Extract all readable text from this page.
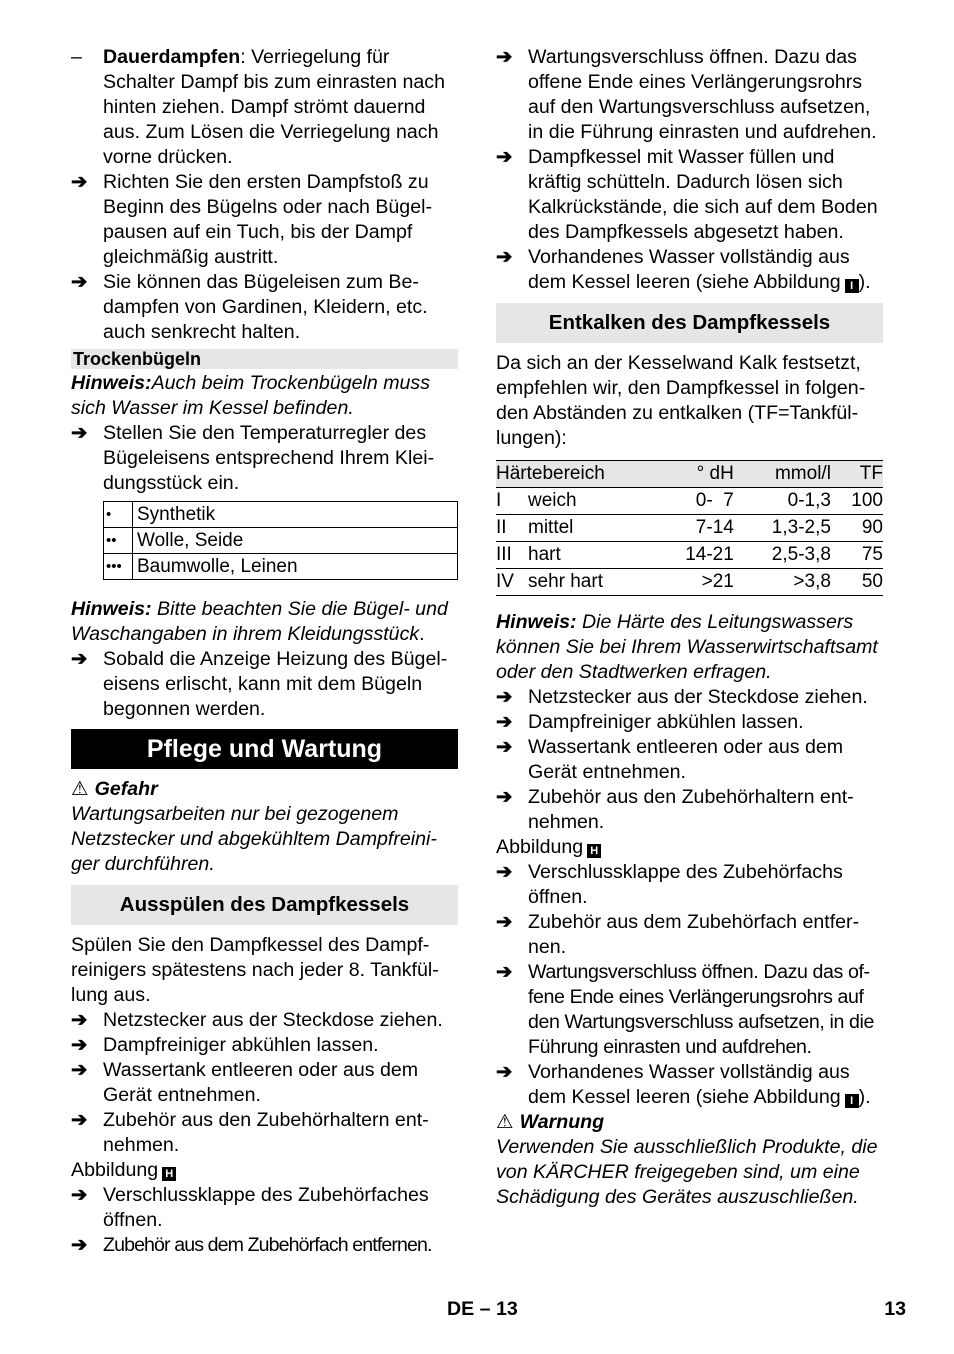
–	Dauerdampfen: Verriegelung für Schalter Dampf bis zum einrasten nach hinten ziehen. Dampf strömt dauernd aus. Zum Lösen die Verriegelung nach vorne drücken.
➔ Richten Sie den ersten Dampfstoß zu Beginn des Bügelns oder nach Bügelpausen auf ein Tuch, bis der Dampf gleichmäßig austritt.
➔ Sie können das Bügeleisen zum Bedampfen von Gardinen, Kleidern, etc. auch senkrecht halten.
Trockenbügeln

Hinweis:Auch beim Trockenbügeln muss sich Wasser im Kessel befinden.

➔ Stellen Sie den Temperaturregler des Bügeleisens entsprechend Ihrem Kleidungsstück ein.
•	Synthetik
••	Wolle, Seide
•••	Baumwolle, Leinen

Hinweis: Bitte beachten Sie die Bügel- und Waschangaben in ihrem Kleidungsstück.

➔ Sobald die Anzeige Heizung des Bügeleisens erlischt, kann mit dem Bügeln begonnen werden.
Pflege und Wartung

⚠ Gefahr

Wartungsarbeiten nur bei gezogenem Netzstecker und abgekühltem Dampfreiniger durchführen.

Ausspülen des Dampfkessels

Spülen Sie den Dampfkessel des Dampfreinigers spätestens nach jeder 8. Tankfüllung aus.

➔ Netzstecker aus der Steckdose ziehen.
➔ Dampfreiniger abkühlen lassen.
➔ Wassertank entleeren oder aus dem Gerät entnehmen.
➔ Zubehör aus den Zubehörhaltern entnehmen.

Abbildung H

➔ Verschlussklappe des Zubehörfaches öffnen.
➔ Zubehör aus dem Zubehörfach entfernen.
➔ Wartungsverschluss öffnen. Dazu das offene Ende eines Verlängerungsrohrs auf den Wartungsverschluss aufsetzen, in die Führung einrasten und aufdrehen.
➔ Dampfkessel mit Wasser füllen und kräftig schütteln. Dadurch lösen sich Kalkrückstände, die sich auf dem Boden des Dampfkessels abgesetzt haben.
➔ Vorhandenes Wasser vollständig aus dem Kessel leeren (siehe Abbildung I ).
Entkalken des Dampfkessels

Da sich an der Kesselwand Kalk festsetzt, empfehlen wir, den Dampfkessel in folgenden Abständen zu entkalken (TF=Tankfüllungen):

Härtebereich		° dH	mmol/l	TF
I	weich	0-  7	0-1,3	100
II	mittel	7-14	1,3-2,5	90
III	hart	14-21	2,5-3,8	75
IV	sehr hart	>21	>3,8	50

Hinweis: Die Härte des Leitungswassers können Sie bei Ihrem Wasserwirtschaftsamt oder den Stadtwerken erfragen.

➔ Netzstecker aus der Steckdose ziehen.
➔ Dampfreiniger abkühlen lassen.
➔ Wassertank entleeren oder aus dem Gerät entnehmen.
➔ Zubehör aus den Zubehörhaltern entnehmen.

Abbildung H

➔ Verschlussklappe des Zubehörfachs öffnen.
➔ Zubehör aus dem Zubehörfach entfernen.
➔ Wartungsverschluss öffnen. Dazu das offene Ende eines Verlängerungsrohrs auf den Wartungsverschluss aufsetzen, in die Führung einrasten und aufdrehen.
➔ Vorhandenes Wasser vollständig aus dem Kessel leeren (siehe Abbildung I ).

⚠ Warnung

Verwenden Sie ausschließlich Produkte, die von KÄRCHER freigegeben sind, um eine Schädigung des Gerätes auszuschließen.

DE – 13	13
